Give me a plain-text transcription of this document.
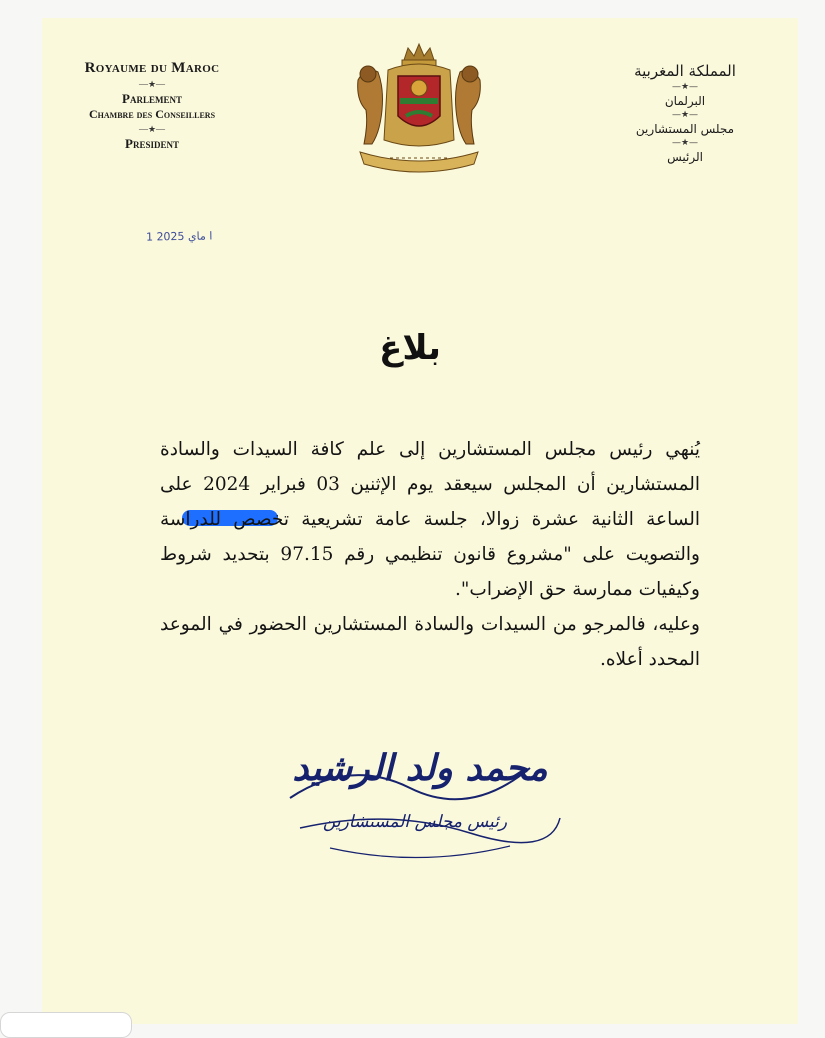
Royaume du Maroc
—★—
Parlement
Chambre des Conseillers
—★—
President
المملكة المغربية
—★—
البرلمان
—★—
مجلس المستشارين
—★—
الرئيس
1 ا ماي 2025
بلاغ

يُنهي رئيس مجلس المستشارين إلى علم كافة السيدات والسادة المستشارين أن المجلس سيعقد يوم الإثنين 03 فبراير 2024 على الساعة الثانية عشرة زوالا، جلسة عامة تشريعية تخصص للدراسة والتصويت على "مشروع قانون تنظيمي رقم 97.15 بتحديد شروط وكيفيات ممارسة حق الإضراب".

وعليه، فالمرجو من السيدات والسادة المستشارين الحضور في الموعد المحدد أعلاه.

محمد ولد الرشيد
رئيس مجلس المستشارين
